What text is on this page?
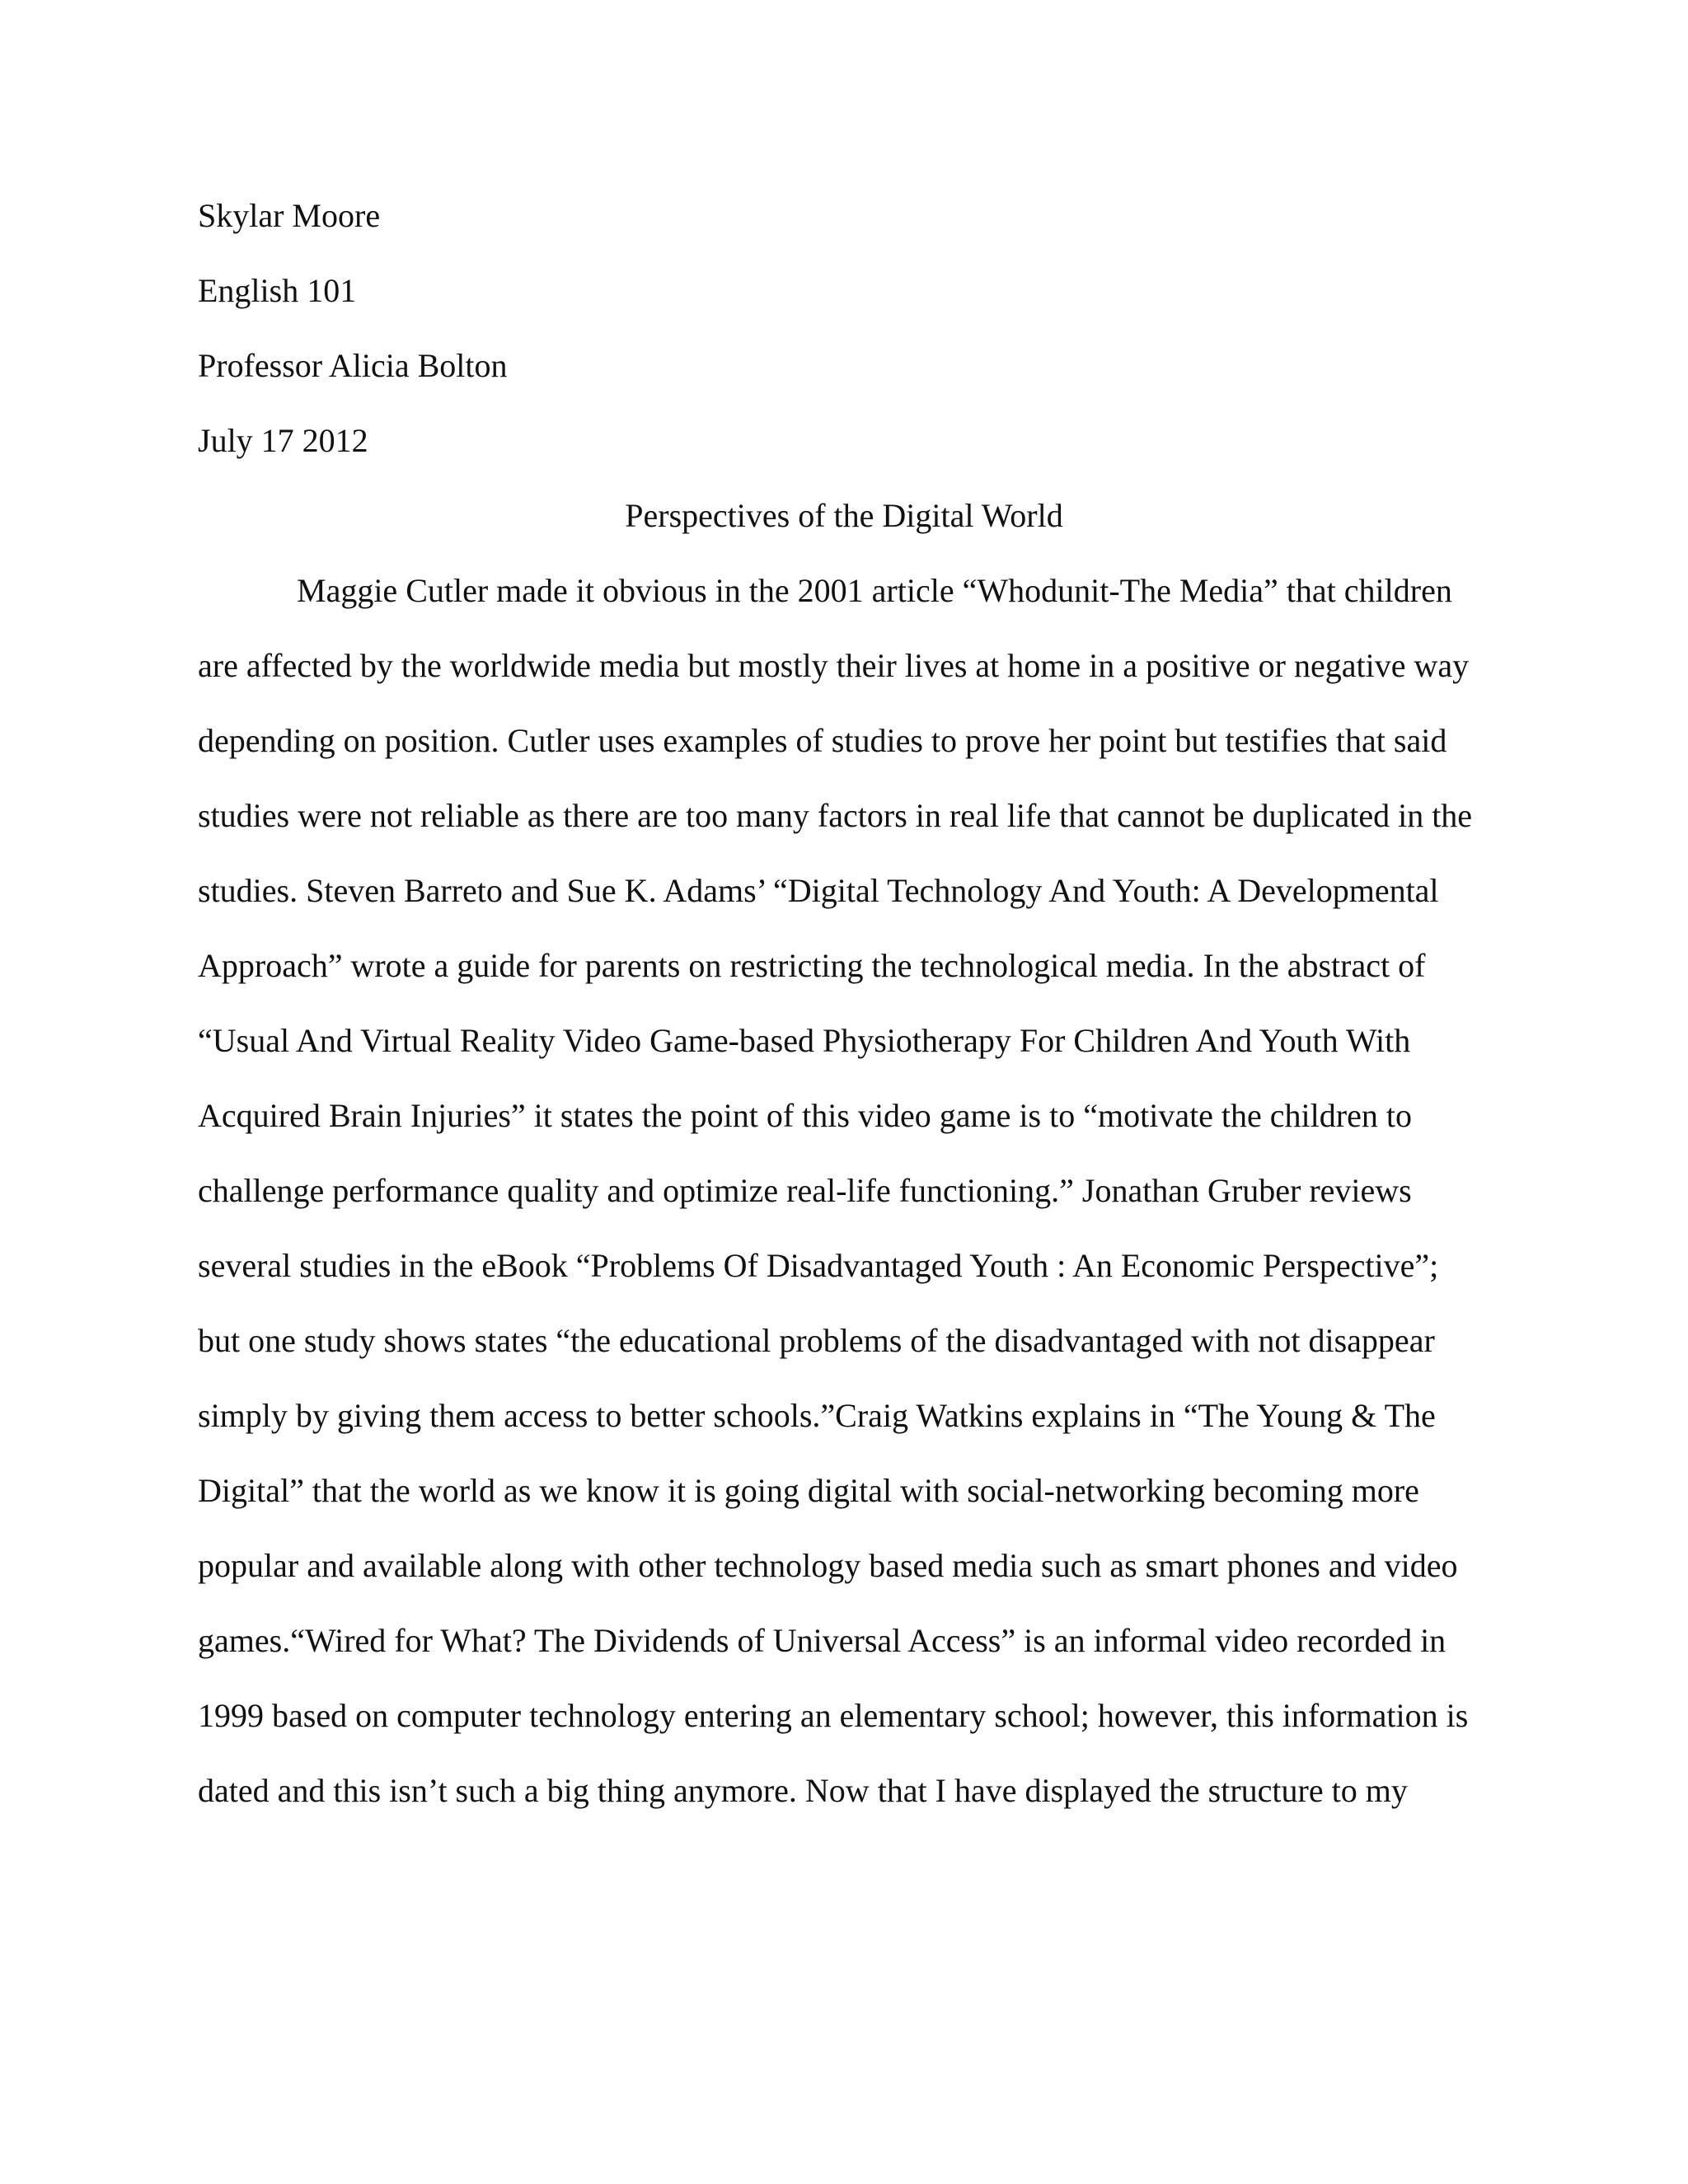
Skylar Moore
English 101
Professor Alicia Bolton
July 17 2012
Perspectives of the Digital World
Maggie Cutler made it obvious in the 2001 article “Whodunit-The Media” that children
are affected by the worldwide media but mostly their lives at home in a positive or negative way
depending on position. Cutler uses examples of studies to prove her point but testifies that said
studies were not reliable as there are too many factors in real life that cannot be duplicated in the
studies. Steven Barreto and Sue K. Adams’ “Digital Technology And Youth: A Developmental
Approach” wrote a guide for parents on restricting the technological media. In the abstract of
“Usual And Virtual Reality Video Game-based Physiotherapy For Children And Youth With
Acquired Brain Injuries” it states the point of this video game is to “motivate the children to
challenge performance quality and optimize real-life functioning.” Jonathan Gruber reviews
several studies in the eBook “Problems Of Disadvantaged Youth : An Economic Perspective”;
but one study shows states “the educational problems of the disadvantaged with not disappear
simply by giving them access to better schools.”Craig Watkins explains in “The Young & The
Digital” that the world as we know it is going digital with social-networking becoming more
popular and available along with other technology based media such as smart phones and video
games.“Wired for What? The Dividends of Universal Access” is an informal video recorded in
1999 based on computer technology entering an elementary school; however, this information is
dated and this isn’t such a big thing anymore. Now that I have displayed the structure to my
